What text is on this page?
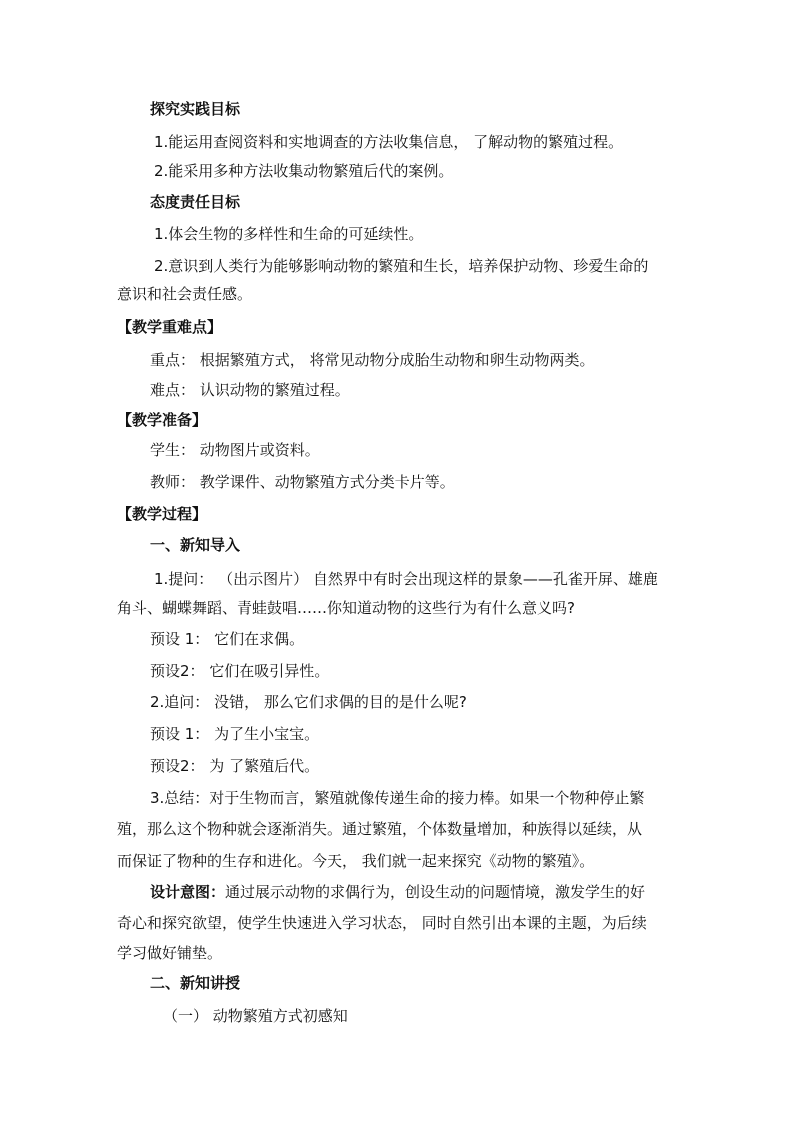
探究实践目标
1.能运用查阅资料和实地调查的方法收集信息， 了解动物的繁殖过程。
2.能采用多种方法收集动物繁殖后代的案例。
态度责任目标
1.体会生物的多样性和生命的可延续性。
2.意识到人类行为能够影响动物的繁殖和生长，培养保护动物、珍爱生命的
意识和社会责任感。
【教学重难点】
重点： 根据繁殖方式， 将常见动物分成胎生动物和卵生动物两类。
难点： 认识动物的繁殖过程。
【教学准备】
学生： 动物图片或资料。
教师： 教学课件、动物繁殖方式分类卡片等。
【教学过程】
一、新知导入
1.提问： （出示图片） 自然界中有时会出现这样的景象——孔雀开屏、雄鹿
角斗、蝴蝶舞蹈、青蛙鼓唱……你知道动物的这些行为有什么意义吗?
预设 1： 它们在求偶。
预设2： 它们在吸引异性。
2.追问： 没错， 那么它们求偶的目的是什么呢?
预设 1： 为了生小宝宝。
预设2： 为 了繁殖后代。
3.总结：对于生物而言，繁殖就像传递生命的接力棒。如果一个物种停止繁
殖，那么这个物种就会逐渐消失。通过繁殖，个体数量增加，种族得以延续，从
而保证了物种的生存和进化。今天， 我们就一起来探究《动物的繁殖》。
设计意图：通过展示动物的求偶行为，创设生动的问题情境，激发学生的好
奇心和探究欲望，使学生快速进入学习状态， 同时自然引出本课的主题，为后续
学习做好铺垫。
二、新知讲授
（一） 动物繁殖方式初感知
